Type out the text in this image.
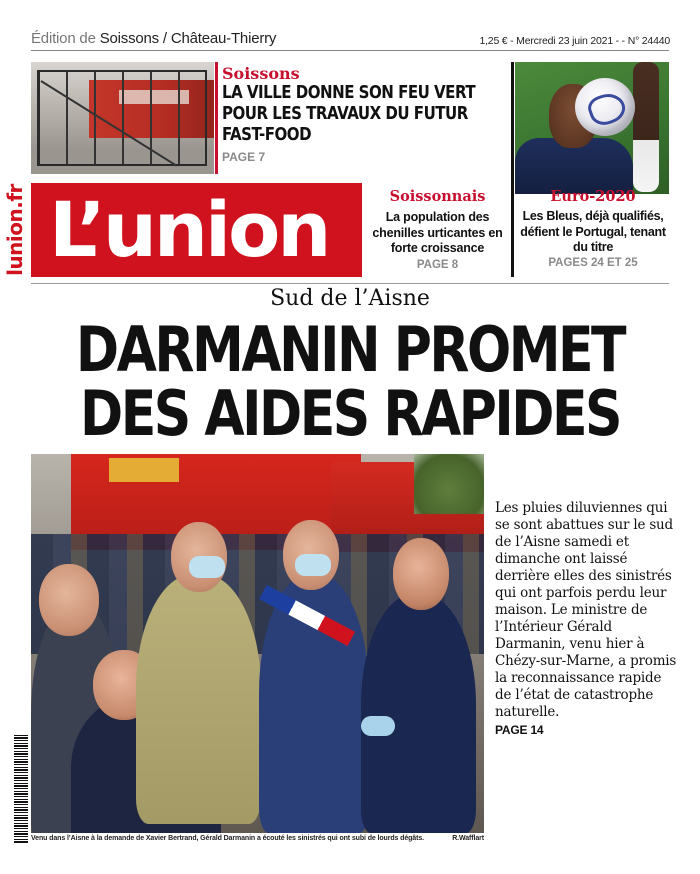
Édition de Soissons / Château-Thierry	1,25 € - Mercredi 23 juin 2021 - - N° 24440
Soissons
LA VILLE DONNE SON FEU VERT POUR LES TRAVAUX DU FUTUR FAST-FOOD
PAGE 7
lunion.fr L’union	Soissonnais
La population des chenilles urticantes en forte croissance
PAGE 8
Euro-2020
Les Bleus, déjà qualifiés, défient le Portugal, tenant du titre
PAGES 24 ET 25
Sud de l’Aisne
DARMANIN PROMET
DES AIDES RAPIDES
Venu dans l’Aisne à la demande de Xavier Bertrand, Gérald Darmanin a écouté les sinistrés qui ont subi de lourds dégâts.	R.Wafflart

Les pluies diluviennes qui se sont abattues sur le sud de l’Aisne samedi et dimanche ont laissé derrière elles des sinistrés qui ont parfois perdu leur maison. Le ministre de l’Intérieur Gérald Darmanin, venu hier à Chézy-sur-Marne, a promis la reconnaissance rapide de l’état de catastrophe naturelle.

PAGE 14
